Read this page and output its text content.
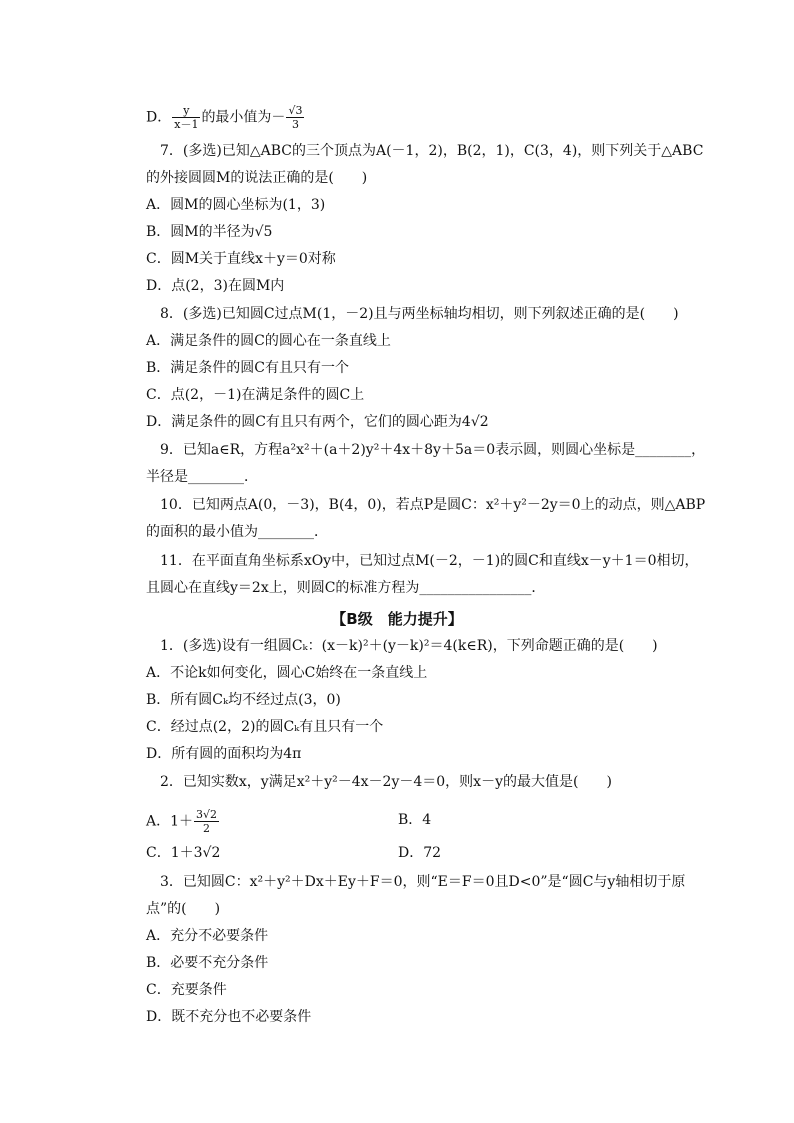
D． $\frac{y}{x-1}$ 的最小值为－ $\frac{√3}{3}$
7．(多选)已知△ABC的三个顶点为A(－1，2)，B(2，1)，C(3，4)，则下列关于△ABC
的外接圆圆M的说法正确的是(　　)
A．圆M的圆心坐标为(1，3)
B．圆M的半径为√5
C．圆M关于直线x＋y＝0对称
D．点(2，3)在圆M内
8．(多选)已知圆C过点M(1，－2)且与两坐标轴均相切，则下列叙述正确的是(　　)
A．满足条件的圆C的圆心在一条直线上
B．满足条件的圆C有且只有一个
C．点(2，－1)在满足条件的圆C上
D．满足条件的圆C有且只有两个，它们的圆心距为4√2
9．已知a∈R，方程a²x²＋(a＋2)y²＋4x＋8y＋5a＝0表示圆，则圆心坐标是________，
半径是________．
10．已知两点A(0，－3)，B(4，0)，若点P是圆C：x²＋y²－2y＝0上的动点，则△ABP
的面积的最小值为________．
11．在平面直角坐标系xOy中，已知过点M(－2，－1)的圆C和直线x－y＋1＝0相切，
且圆心在直线y＝2x上，则圆C的标准方程为________________．
【B级　能力提升】
1．(多选)设有一组圆Cₖ：(x－k)²＋(y－k)²＝4(k∈R)，下列命题正确的是(　　)
A．不论k如何变化，圆心C始终在一条直线上
B．所有圆Cₖ均不经过点(3，0)
C．经过点(2，2)的圆Cₖ有且只有一个
D．所有圆的面积均为4π
2．已知实数x，y满足x²＋y²－4x－2y－4＝0，则x－y的最大值是(　　)
A．$1+ \frac{3√2}{2}$	B．4
C．1＋3√2	D．72
3．已知圆C：x²＋y²＋Dx＋Ey＋F＝0，则“E＝F＝0且D<0”是“圆C与y轴相切于原
点”的(　　)
A．充分不必要条件
B．必要不充分条件
C．充要条件
D．既不充分也不必要条件
